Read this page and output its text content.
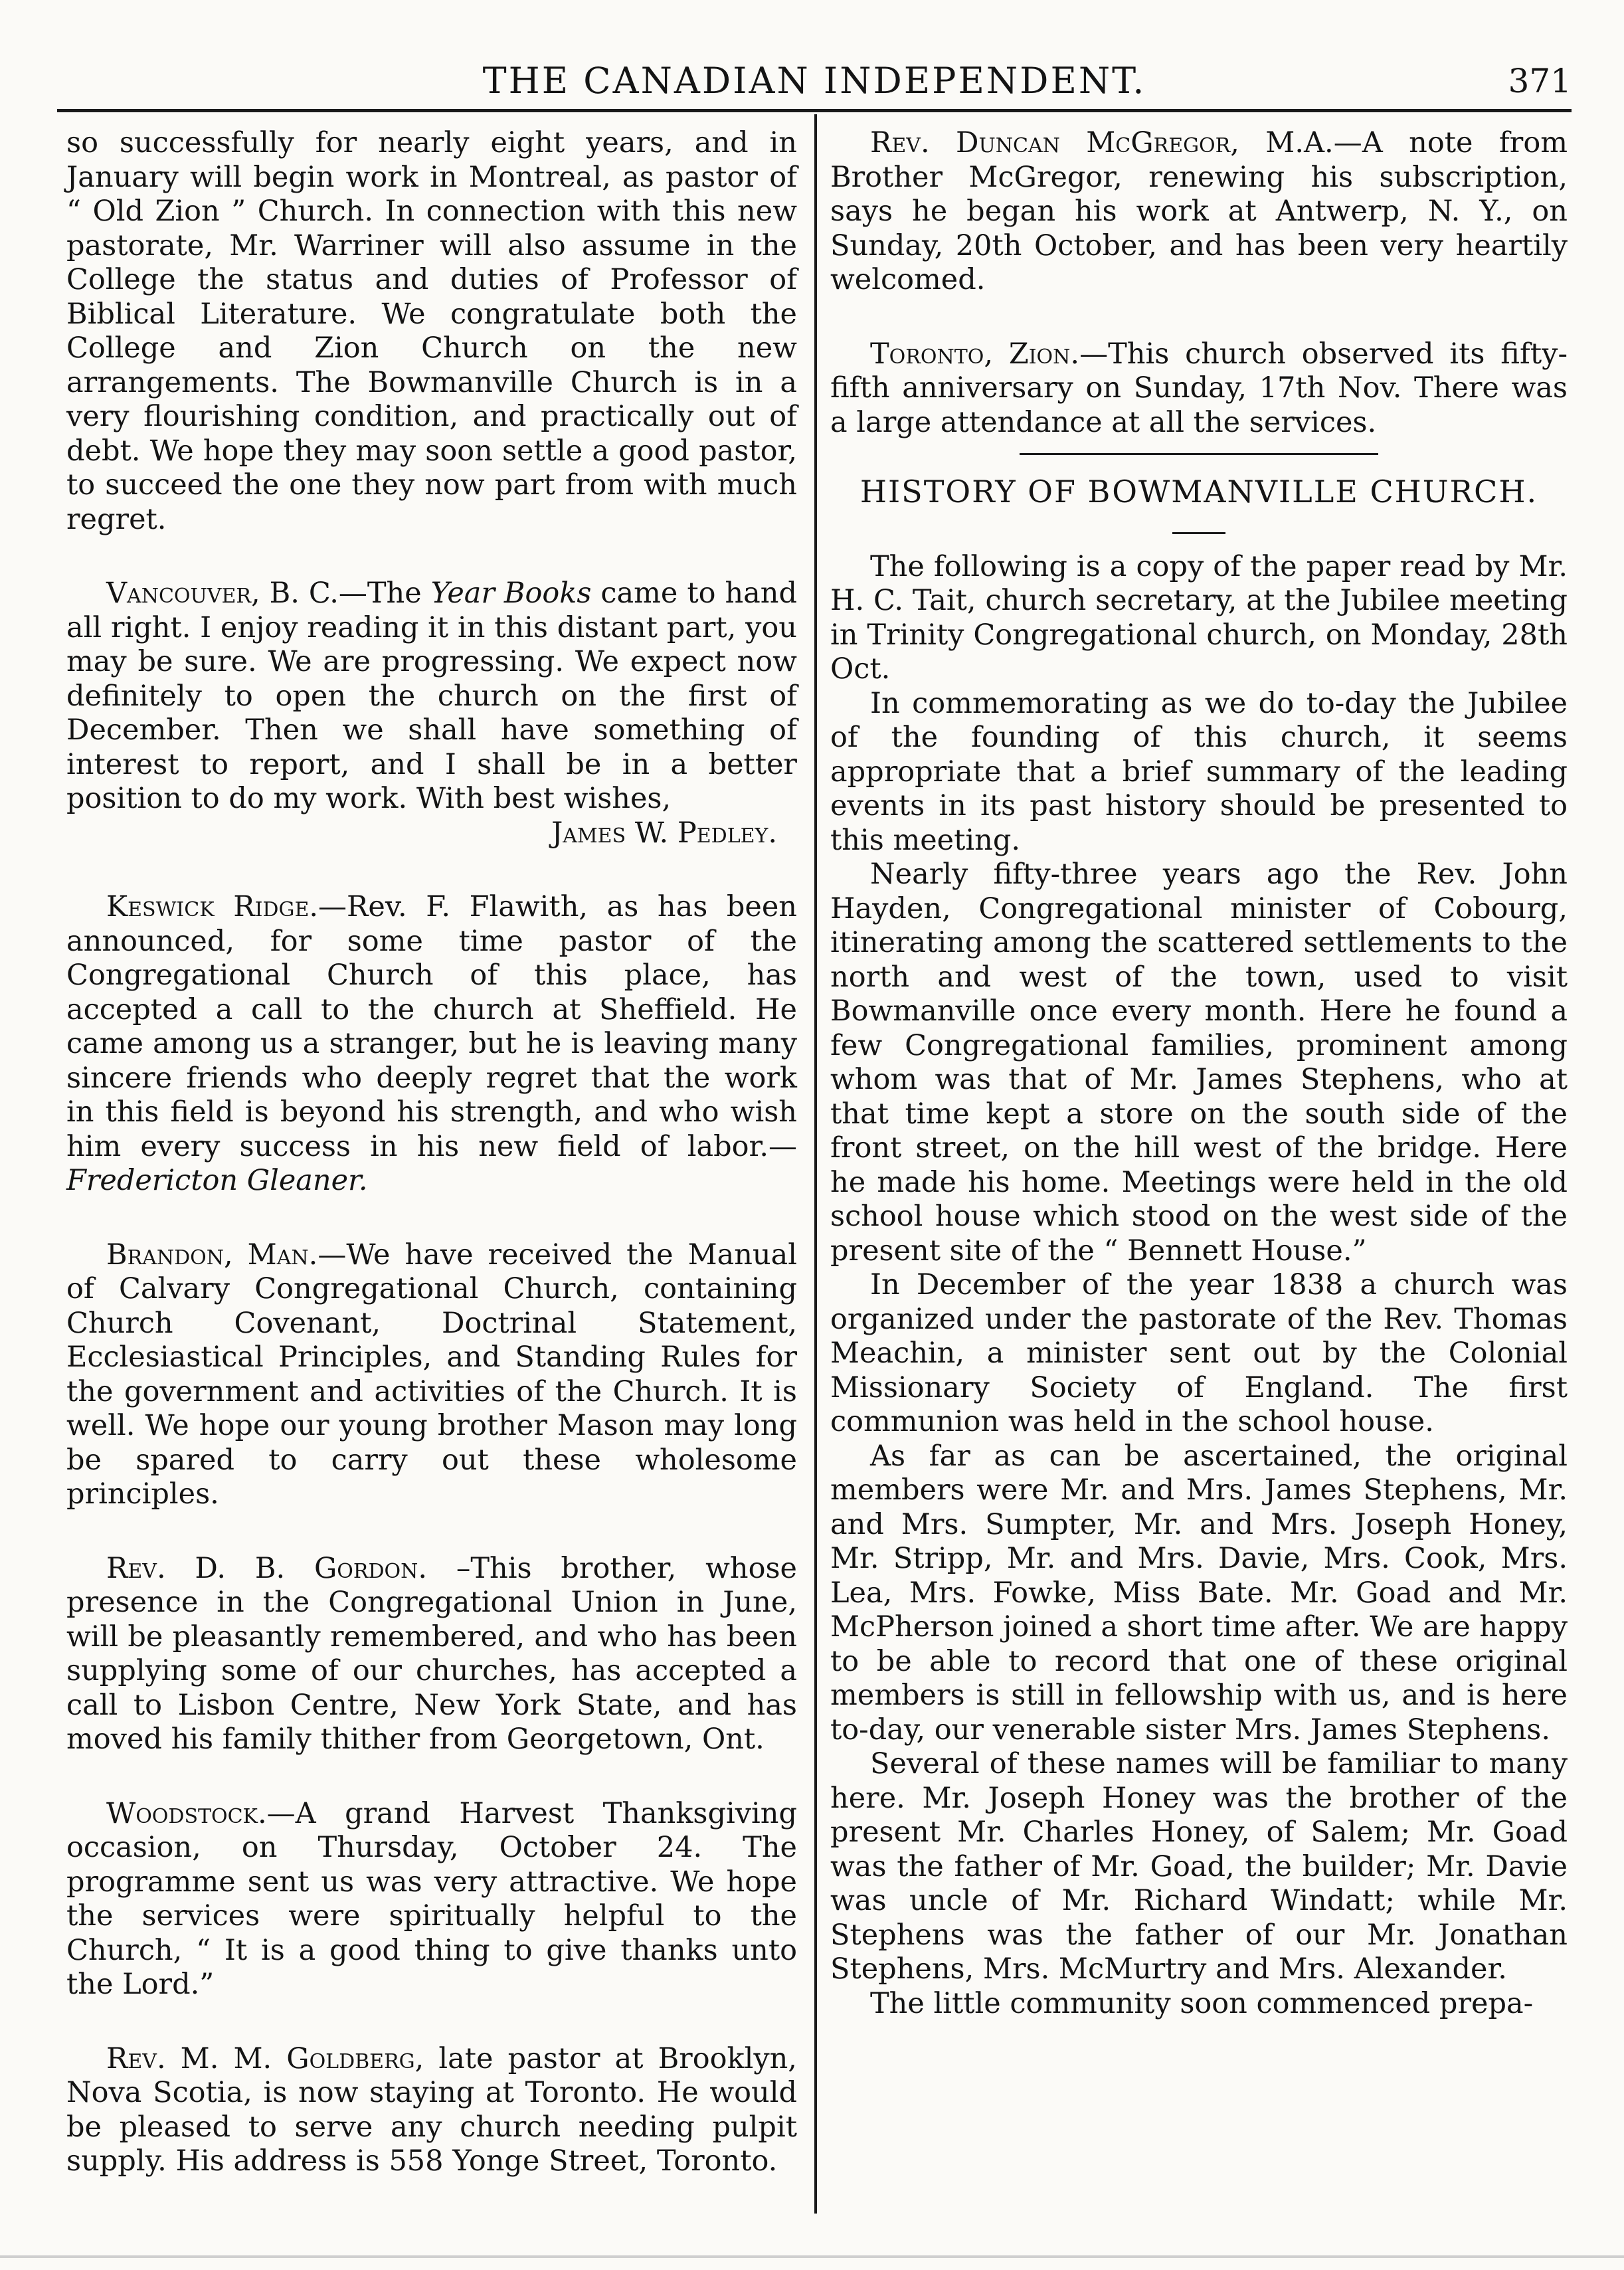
THE CANADIAN INDEPENDENT.	371

so successfully for nearly eight years, and in January will begin work in Montreal, as pastor of “ Old Zion ” Church. In connection with this new pastorate, Mr. Warriner will also assume in the College the status and duties of Professor of Biblical Literature. We congratulate both the College and Zion Church on the new arrangements. The Bowmanville Church is in a very flourishing condition, and practically out of debt. We hope they may soon settle a good pastor, to succeed the one they now part from with much regret.

Vancouver, B. C.—The Year Books came to hand all right. I enjoy reading it in this distant part, you may be sure. We are progressing. We expect now definitely to open the church on the first of December. Then we shall have something of interest to report, and I shall be in a better position to do my work. With best wishes,

James W. Pedley.

Keswick Ridge.—Rev. F. Flawith, as has been announced, for some time pastor of the Congregational Church of this place, has accepted a call to the church at Sheffield. He came among us a stranger, but he is leaving many sincere friends who deeply regret that the work in this field is beyond his strength, and who wish him every success in his new field of labor.—Fredericton Gleaner.

Brandon, Man.—We have received the Manual of Calvary Congregational Church, containing Church Covenant, Doctrinal Statement, Ecclesiastical Principles, and Standing Rules for the government and activities of the Church. It is well. We hope our young brother Mason may long be spared to carry out these wholesome principles.

Rev. D. B. Gordon. –This brother, whose presence in the Congregational Union in June, will be pleasantly remembered, and who has been supplying some of our churches, has accepted a call to Lisbon Centre, New York State, and has moved his family thither from Georgetown, Ont.

Woodstock.—A grand Harvest Thanksgiving occasion, on Thursday, October 24. The programme sent us was very attractive. We hope the services were spiritually helpful to the Church, “ It is a good thing to give thanks unto the Lord.”

Rev. M. M. Goldberg, late pastor at Brooklyn, Nova Scotia, is now staying at Toronto. He would be pleased to serve any church needing pulpit supply. His address is 558 Yonge Street, Toronto.

Rev. Duncan McGregor, M.A.—A note from Brother McGregor, renewing his subscription, says he began his work at Antwerp, N. Y., on Sunday, 20th October, and has been very heartily welcomed.

Toronto, Zion.—This church observed its fifty-fifth anniversary on Sunday, 17th Nov. There was a large attendance at all the services.

HISTORY OF BOWMANVILLE CHURCH.

The following is a copy of the paper read by Mr. H. C. Tait, church secretary, at the Jubilee meeting in Trinity Congregational church, on Monday, 28th Oct.

In commemorating as we do to-day the Jubilee of the founding of this church, it seems appropriate that a brief summary of the leading events in its past history should be presented to this meeting.

Nearly fifty-three years ago the Rev. John Hayden, Congregational minister of Cobourg, itinerating among the scattered settlements to the north and west of the town, used to visit Bowmanville once every month. Here he found a few Congregational families, prominent among whom was that of Mr. James Stephens, who at that time kept a store on the south side of the front street, on the hill west of the bridge. Here he made his home. Meetings were held in the old school house which stood on the west side of the present site of the “ Bennett House.”

In December of the year 1838 a church was organized under the pastorate of the Rev. Thomas Meachin, a minister sent out by the Colonial Missionary Society of England. The first communion was held in the school house.

As far as can be ascertained, the original members were Mr. and Mrs. James Stephens, Mr. and Mrs. Sumpter, Mr. and Mrs. Joseph Honey, Mr. Stripp, Mr. and Mrs. Davie, Mrs. Cook, Mrs. Lea, Mrs. Fowke, Miss Bate. Mr. Goad and Mr. McPherson joined a short time after. We are happy to be able to record that one of these original members is still in fellowship with us, and is here to-day, our venerable sister Mrs. James Stephens.

Several of these names will be familiar to many here. Mr. Joseph Honey was the brother of the present Mr. Charles Honey, of Salem; Mr. Goad was the father of Mr. Goad, the builder; Mr. Davie was uncle of Mr. Richard Windatt; while Mr. Stephens was the father of our Mr. Jonathan Stephens, Mrs. McMurtry and Mrs. Alexander.

The little community soon commenced prepa-
